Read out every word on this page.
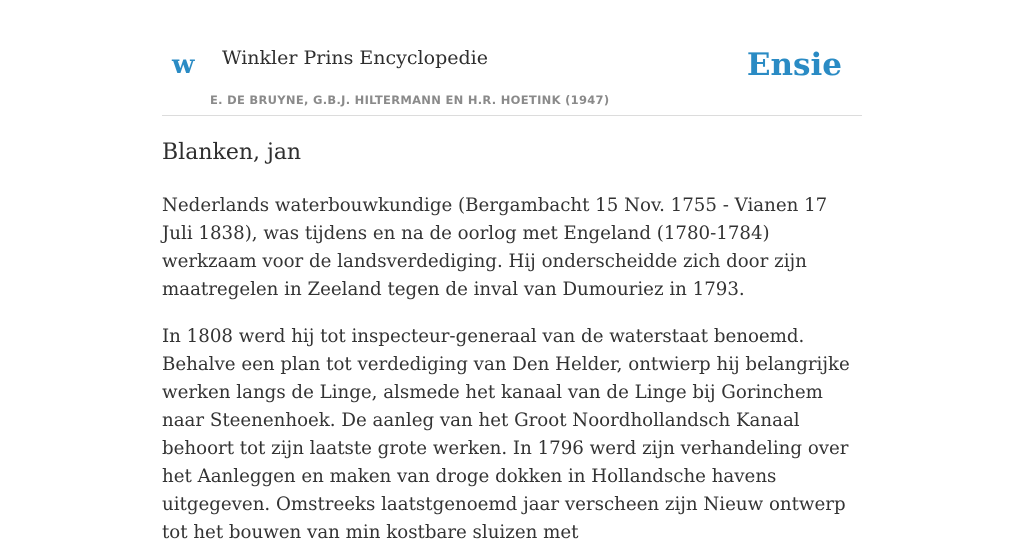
w Winkler Prins Encyclopedie
E. DE BRUYNE, G.B.J. HILTERMANN EN H.R. HOETINK (1947)
Ensie
Blanken, jan

Nederlands waterbouwkundige (Bergambacht 15 Nov. 1755 - Vianen 17 Juli 1838), was tijdens en na de oorlog met Engeland (1780-1784) werkzaam voor de landsverdediging. Hij onderscheidde zich door zijn maatregelen in Zeeland tegen de inval van Dumouriez in 1793.

In 1808 werd hij tot inspecteur-generaal van de waterstaat benoemd. Behalve een plan tot verdediging van Den Helder, ontwierp hij belangrijke werken langs de Linge, alsmede het kanaal van de Linge bij Gorinchem naar Steenenhoek. De aanleg van het Groot Noordhollandsch Kanaal behoort tot zijn laatste grote werken. In 1796 werd zijn verhandeling over het Aanleggen en maken van droge dokken in Hollandsche havens uitgegeven. Omstreeks laatstgenoemd jaar verscheen zijn Nieuw ontwerp tot het bouwen van min kostbare sluizen met
